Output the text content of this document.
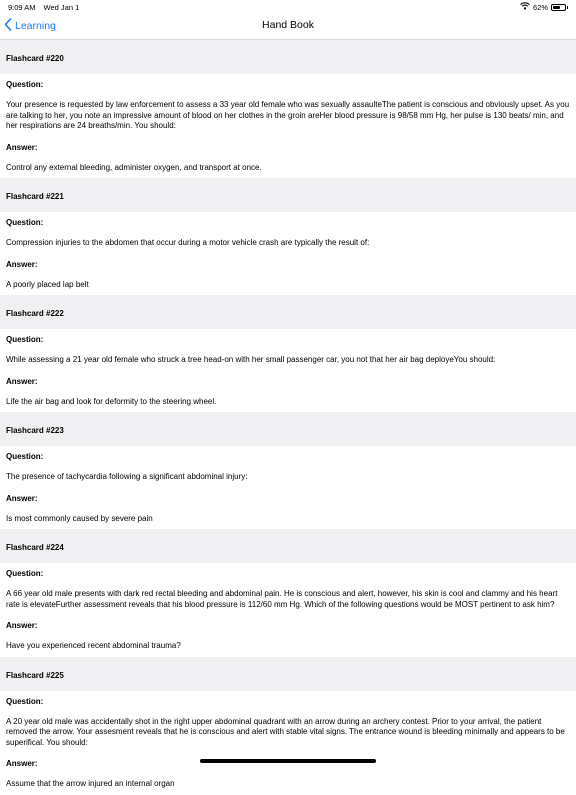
9:09 AM Wed Jan 1	62%
Learning	Hand Book
Flashcard #220
Question:
Your presence is requested by law enforcement to assess a 33 year old female who was sexually assaulteThe patient is conscious and obviously upset. As you are talking to her, you note an impressive amount of blood on her clothes in the groin areHer blood pressure is 98/58 mm Hg, her pulse is 130 beats/ min, and her respirations are 24 breaths/min. You should:
Answer:
Control any external bleeding, administer oxygen, and transport at once.
Flashcard #221
Question:
Compression injuries to the abdomen that occur during a motor vehicle crash are typically the result of:
Answer:
A poorly placed lap belt
Flashcard #222
Question:
While assessing a 21 year old female who struck a tree head-on with her small passenger car, you not that her air bag deployeYou should:
Answer:
Life the air bag and look for deformity to the steering wheel.
Flashcard #223
Question:
The presence of tachycardia following a significant abdominal injury:
Answer:
Is most commonly caused by severe pain
Flashcard #224
Question:
A 66 year old male presents with dark red rectal bleeding and abdominal pain. He is conscious and alert, however, his skin is cool and clammy and his heart rate is elevateFurther assessment reveals that his blood pressure is 112/60 mm Hg. Which of the following questions would be MOST pertinent to ask him?
Answer:
Have you experienced recent abdominal trauma?
Flashcard #225
Question:
A 20 year old male was accidentally shot in the right upper abdominal quadrant with an arrow during an archery contest. Prior to your arrival, the patient removed the arrow. Your assesment reveals that he is conscious and alert with stable vital signs. The entrance wound is bleeding minimally and appears to be superifical. You should:
Answer:
Assume that the arrow injured an internal organ
